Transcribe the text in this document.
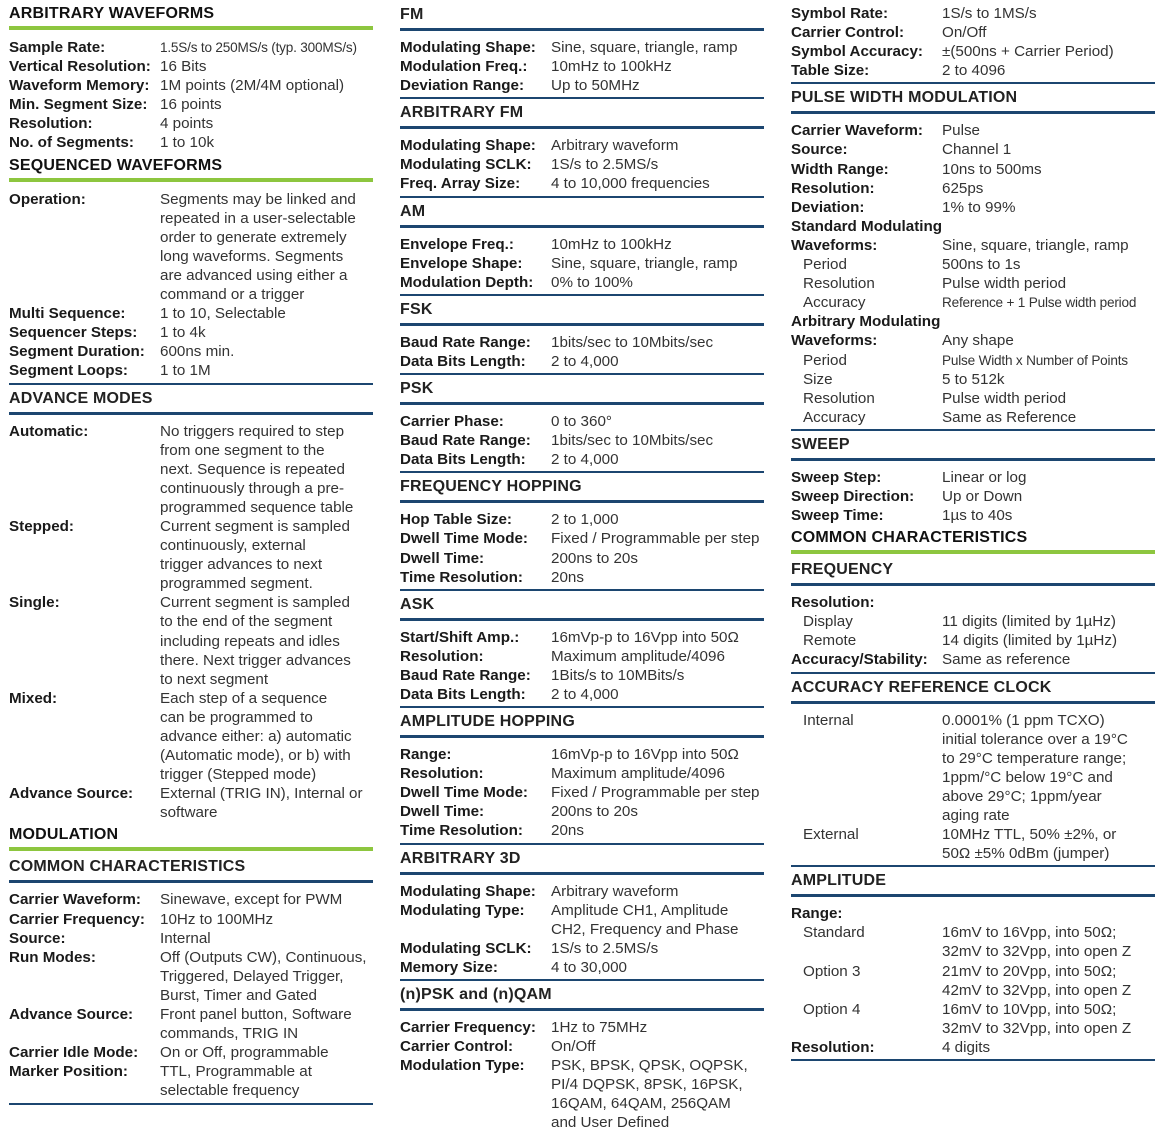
ARBITRARY WAVEFORMS
Sample Rate:	1.5S/s to 250MS/s (typ. 300MS/s)
Vertical Resolution: 16 Bits
Waveform Memory: 1M points (2M/4M optional)
Min. Segment Size: 16 points
Resolution:	4 points
No. of Segments:	1 to 10k
SEQUENCED WAVEFORMS
Operation:	Segments may be linked and
repeated in a user-selectable
order to generate extremely
long waveforms. Segments
are advanced using either a
command or a trigger
Multi Sequence:	1 to 10, Selectable
Sequencer Steps:	1 to 4k
Segment Duration: 600ns min.
Segment Loops:	1 to 1M
ADVANCE MODES
Automatic:	No triggers required to step
from one segment to the
next. Sequence is repeated
continuously through a pre-
programmed sequence table
Stepped:	Current segment is sampled
continuously, external
trigger advances to next
programmed segment.
Single:	Current segment is sampled
to the end of the segment
including repeats and idles
there. Next trigger advances
to next segment
Mixed:	Each step of a sequence
can be programmed to
advance either: a) automatic
(Automatic mode), or b) with
trigger (Stepped mode)
Advance Source:	External (TRIG IN), Internal or
software
MODULATION
COMMON CHARACTERISTICS
Carrier Waveform:	Sinewave, except for PWM
Carrier Frequency: 10Hz to 100MHz
Source:	Internal
Run Modes:	Off (Outputs CW), Continuous,
Triggered, Delayed Trigger,
Burst, Timer and Gated
Advance Source:	Front panel button, Software
commands, TRIG IN
Carrier Idle Mode:	On or Off, programmable
Marker Position:	TTL, Programmable at
selectable frequency
FM
Modulating Shape: Sine, square, triangle, ramp
Modulation Freq.:	10mHz to 100kHz
Deviation Range:	Up to 50MHz
ARBITRARY FM
Modulating Shape: Arbitrary waveform
Modulating SCLK:	1S/s to 2.5MS/s
Freq. Array Size:	4 to 10,000 frequencies
AM
Envelope Freq.:	10mHz to 100kHz
Envelope Shape:	Sine, square, triangle, ramp
Modulation Depth:	0% to 100%
FSK
Baud Rate Range:	1bits/sec to 10Mbits/sec
Data Bits Length:	2 to 4,000
PSK
Carrier Phase:	0 to 360°
Baud Rate Range:	1bits/sec to 10Mbits/sec
Data Bits Length:	2 to 4,000
FREQUENCY HOPPING
Hop Table Size:	2 to 1,000
Dwell Time Mode:	Fixed / Programmable per step
Dwell Time:	200ns to 20s
Time Resolution:	20ns
ASK
Start/Shift Amp.:	16mVp-p to 16Vpp into 50Ω
Resolution:	Maximum amplitude/4096
Baud Rate Range:	1Bits/s to 10MBits/s
Data Bits Length:	2 to 4,000
AMPLITUDE HOPPING
Range:	16mVp-p to 16Vpp into 50Ω
Resolution:	Maximum amplitude/4096
Dwell Time Mode:	Fixed / Programmable per step
Dwell Time:	200ns to 20s
Time Resolution:	20ns
ARBITRARY 3D
Modulating Shape: Arbitrary waveform
Modulating Type:	Amplitude CH1, Amplitude
CH2, Frequency and Phase
Modulating SCLK:	1S/s to 2.5MS/s
Memory Size:	4 to 30,000
(n)PSK and (n)QAM
Carrier Frequency: 1Hz to 75MHz
Carrier Control:	On/Off
Modulation Type:	PSK, BPSK, QPSK, OQPSK,
PI/4 DQPSK, 8PSK, 16PSK,
16QAM, 64QAM, 256QAM
and User Defined
Symbol Rate:	1S/s to 1MS/s
Carrier Control:	On/Off
Symbol Accuracy:	±(500ns + Carrier Period)
Table Size:	2 to 4096
PULSE WIDTH MODULATION
Carrier Waveform:	Pulse
Source:	Channel 1
Width Range:	10ns to 500ms
Resolution:	625ps
Deviation:	1% to 99%
Standard Modulating
Waveforms:	Sine, square, triangle, ramp
Period	500ns to 1s
Resolution	Pulse width period
Accuracy	Reference + 1 Pulse width period
Arbitrary Modulating
Waveforms:	Any shape
Period	Pulse Width x Number of Points
Size	5 to 512k
Resolution	Pulse width period
Accuracy	Same as Reference
SWEEP
Sweep Step:	Linear or log
Sweep Direction:	Up or Down
Sweep Time:	1µs to 40s
COMMON CHARACTERISTICS
FREQUENCY
Resolution:
Display	11 digits (limited by 1µHz)
Remote	14 digits (limited by 1µHz)
Accuracy/Stability: Same as reference
ACCURACY REFERENCE CLOCK
Internal	0.0001% (1 ppm TCXO)
initial tolerance over a 19°C
to 29°C temperature range;
1ppm/°C below 19°C and
above 29°C; 1ppm/year
aging rate
External	10MHz TTL, 50% ±2%, or
50Ω ±5% 0dBm (jumper)
AMPLITUDE
Range:
Standard	16mV to 16Vpp, into 50Ω;
32mV to 32Vpp, into open Z
Option 3	21mV to 20Vpp, into 50Ω;
42mV to 32Vpp, into open Z
Option 4	16mV to 10Vpp, into 50Ω;
32mV to 32Vpp, into open Z
Resolution:	4 digits
